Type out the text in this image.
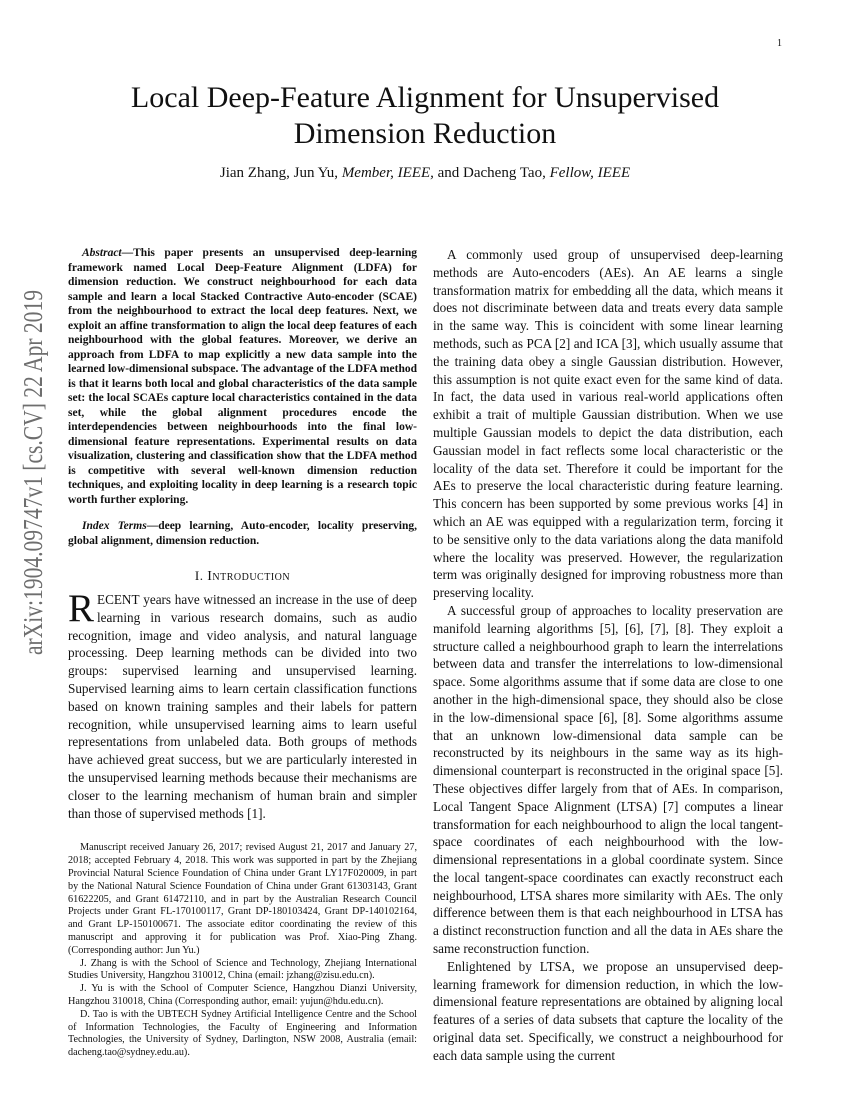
1
arXiv:1904.09747v1 [cs.CV] 22 Apr 2019
Local Deep-Feature Alignment for Unsupervised
Dimension Reduction
Jian Zhang, Jun Yu, Member, IEEE, and Dacheng Tao, Fellow, IEEE

Abstract—This paper presents an unsupervised deep-learning framework named Local Deep-Feature Alignment (LDFA) for dimension reduction. We construct neighbourhood for each data sample and learn a local Stacked Contractive Auto-encoder (SCAE) from the neighbourhood to extract the local deep features. Next, we exploit an affine transformation to align the local deep features of each neighbourhood with the global features. Moreover, we derive an approach from LDFA to map explicitly a new data sample into the learned low-dimensional subspace. The advantage of the LDFA method is that it learns both local and global characteristics of the data sample set: the local SCAEs capture local characteristics contained in the data set, while the global alignment procedures encode the interdependencies between neighbourhoods into the final low-dimensional feature representations. Experimental results on data visualization, clustering and classification show that the LDFA method is competitive with several well-known dimension reduction techniques, and exploiting locality in deep learning is a research topic worth further exploring.

Index Terms—deep learning, Auto-encoder, locality preserving, global alignment, dimension reduction.

I. Introduction

RECENT years have witnessed an increase in the use of deep learning in various research domains, such as audio recognition, image and video analysis, and natural language processing. Deep learning methods can be divided into two groups: supervised learning and unsupervised learning. Supervised learning aims to learn certain classification functions based on known training samples and their labels for pattern recognition, while unsupervised learning aims to learn useful representations from unlabeled data. Both groups of methods have achieved great success, but we are particularly interested in the unsupervised learning methods because their mechanisms are closer to the learning mechanism of human brain and simpler than those of supervised methods [1].

Manuscript received January 26, 2017; revised August 21, 2017 and January 27, 2018; accepted February 4, 2018. This work was supported in part by the Zhejiang Provincial Natural Science Foundation of China under Grant LY17F020009, in part by the National Natural Science Foundation of China under Grant 61303143, Grant 61622205, and Grant 61472110, and in part by the Australian Research Council Projects under Grant FL-170100117, Grant DP-180103424, Grant DP-140102164, and Grant LP-150100671. The associate editor coordinating the review of this manuscript and approving it for publication was Prof. Xiao-Ping Zhang. (Corresponding author: Jun Yu.)

J. Zhang is with the School of Science and Technology, Zhejiang International Studies University, Hangzhou 310012, China (email: jzhang@zisu.edu.cn).

J. Yu is with the School of Computer Science, Hangzhou Dianzi University, Hangzhou 310018, China (Corresponding author, email: yujun@hdu.edu.cn).

D. Tao is with the UBTECH Sydney Artificial Intelligence Centre and the School of Information Technologies, the Faculty of Engineering and Information Technologies, the University of Sydney, Darlington, NSW 2008, Australia (email: dacheng.tao@sydney.edu.au).

A commonly used group of unsupervised deep-learning methods are Auto-encoders (AEs). An AE learns a single transformation matrix for embedding all the data, which means it does not discriminate between data and treats every data sample in the same way. This is coincident with some linear learning methods, such as PCA [2] and ICA [3], which usually assume that the training data obey a single Gaussian distribution. However, this assumption is not quite exact even for the same kind of data. In fact, the data used in various real-world applications often exhibit a trait of multiple Gaussian distribution. When we use multiple Gaussian models to depict the data distribution, each Gaussian model in fact reflects some local characteristic or the locality of the data set. Therefore it could be important for the AEs to preserve the local characteristic during feature learning. This concern has been supported by some previous works [4] in which an AE was equipped with a regularization term, forcing it to be sensitive only to the data variations along the data manifold where the locality was preserved. However, the regularization term was originally designed for improving robustness more than preserving locality.

A successful group of approaches to locality preservation are manifold learning algorithms [5], [6], [7], [8]. They exploit a structure called a neighbourhood graph to learn the interrelations between data and transfer the interrelations to low-dimensional space. Some algorithms assume that if some data are close to one another in the high-dimensional space, they should also be close in the low-dimensional space [6], [8]. Some algorithms assume that an unknown low-dimensional data sample can be reconstructed by its neighbours in the same way as its high-dimensional counterpart is reconstructed in the original space [5]. These objectives differ largely from that of AEs. In comparison, Local Tangent Space Alignment (LTSA) [7] computes a linear transformation for each neighbourhood to align the local tangent-space coordinates of each neighbourhood with the low-dimensional representations in a global coordinate system. Since the local tangent-space coordinates can exactly reconstruct each neighbourhood, LTSA shares more similarity with AEs. The only difference between them is that each neighbourhood in LTSA has a distinct reconstruction function and all the data in AEs share the same reconstruction function.

Enlightened by LTSA, we propose an unsupervised deep-learning framework for dimension reduction, in which the low-dimensional feature representations are obtained by aligning local features of a series of data subsets that capture the locality of the original data set. Specifically, we construct a neighbourhood for each data sample using the current
